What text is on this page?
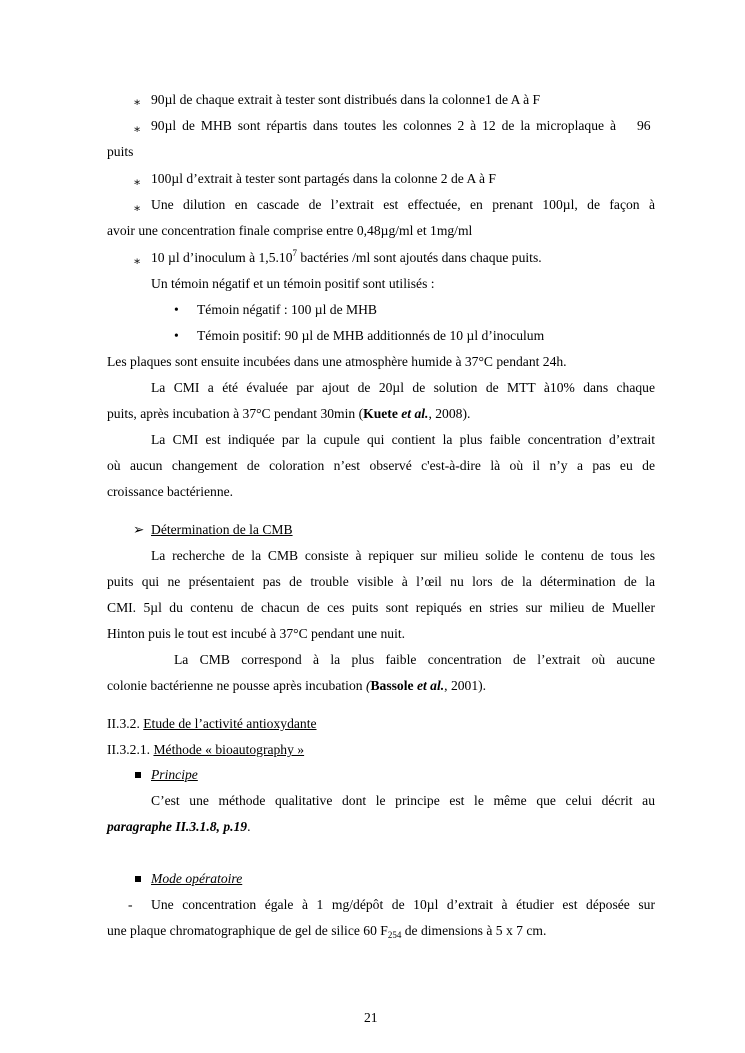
∗ 90µl de chaque extrait à tester sont distribués dans la colonne1 de A à F
∗ 90µl de MHB sont répartis dans toutes les colonnes 2 à 12 de la microplaque à 96
puits
∗ 100µl d’extrait à tester sont partagés dans la colonne 2 de A à F
∗ Une dilution en cascade de l’extrait est effectuée, en prenant 100µl, de façon à
avoir une concentration finale comprise entre 0,48µg/ml et 1mg/ml
∗ 10 µl d’inoculum à 1,5.10$^7$ bactéries /ml sont ajoutés dans chaque puits.
Un témoin négatif et un témoin positif sont utilisés :
• Témoin négatif : 100 µl de MHB
• Témoin positif: 90 µl de MHB additionnés de 10 µl d’inoculum
Les plaques sont ensuite incubées dans une atmosphère humide à 37°C pendant 24h.
La CMI a été évaluée par ajout de 20µl de solution de MTT à10% dans chaque
puits, après incubation à 37°C pendant 30min (Kuete et al., 2008).
La CMI est indiquée par la cupule qui contient la plus faible concentration d’extrait
où aucun changement de coloration n’est observé c'est-à-dire là où il n’y a pas eu de
croissance bactérienne.
➢ Détermination de la CMB
La recherche de la CMB consiste à repiquer sur milieu solide le contenu de tous les
puits qui ne présentaient pas de trouble visible à l’œil nu lors de la détermination de la
CMI. 5µl du contenu de chacun de ces puits sont repiqués en stries sur milieu de Mueller
Hinton puis le tout est incubé à 37°C pendant une nuit.
La CMB correspond à la plus faible concentration de l’extrait où aucune
colonie bactérienne ne pousse après incubation (Bassole et al., 2001).
II.3.2. Etude de l’activité antioxydante
II.3.2.1. Méthode « bioautography »
Principe
C’est une méthode qualitative dont le principe est le même que celui décrit au
paragraphe II.3.1.8, p.19.
Mode opératoire
- Une concentration égale à 1 mg/dépôt de 10µl d’extrait à étudier est déposée sur
une plaque chromatographique de gel de silice 60 $F_{254}$ de dimensions à 5 x 7 cm.
21
